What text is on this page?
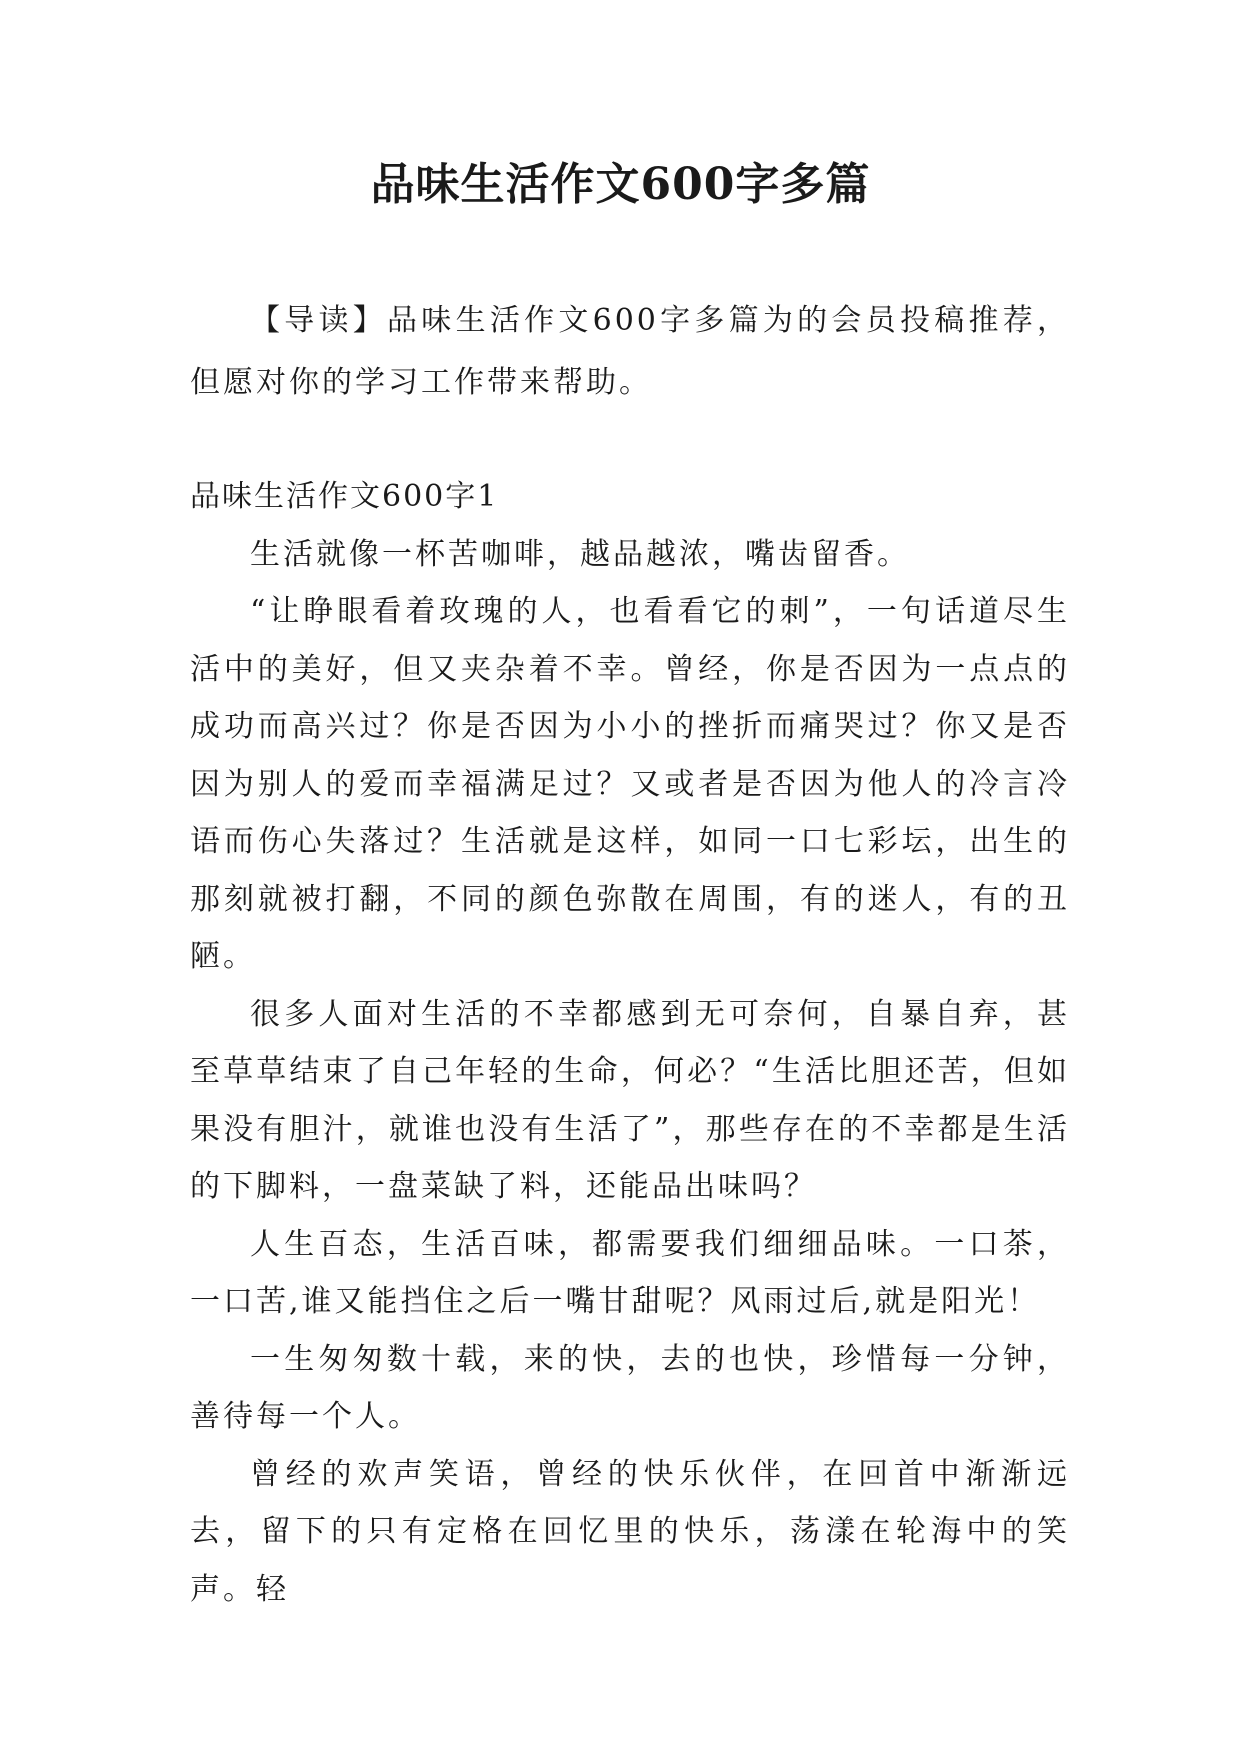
品味生活作文600字多篇

【导读】品味生活作文600字多篇为的会员投稿推荐，但愿对你的学习工作带来帮助。

品味生活作文600字1

生活就像一杯苦咖啡，越品越浓，嘴齿留香。

“让睁眼看着玫瑰的人，也看看它的刺”，一句话道尽生活中的美好，但又夹杂着不幸。曾经，你是否因为一点点的成功而高兴过？你是否因为小小的挫折而痛哭过？你又是否因为别人的爱而幸福满足过？又或者是否因为他人的冷言冷语而伤心失落过？生活就是这样，如同一口七彩坛，出生的那刻就被打翻，不同的颜色弥散在周围，有的迷人，有的丑陋。

很多人面对生活的不幸都感到无可奈何，自暴自弃，甚至草草结束了自己年轻的生命，何必？“生活比胆还苦，但如果没有胆汁，就谁也没有生活了”，那些存在的不幸都是生活的下脚料，一盘菜缺了料，还能品出味吗？

人生百态，生活百味，都需要我们细细品味。一口茶，一口苦,谁又能挡住之后一嘴甘甜呢？风雨过后,就是阳光！

一生匆匆数十载，来的快，去的也快，珍惜每一分钟，善待每一个人。

曾经的欢声笑语，曾经的快乐伙伴，在回首中渐渐远去，留下的只有定格在回忆里的快乐，荡漾在轮海中的笑声。轻
